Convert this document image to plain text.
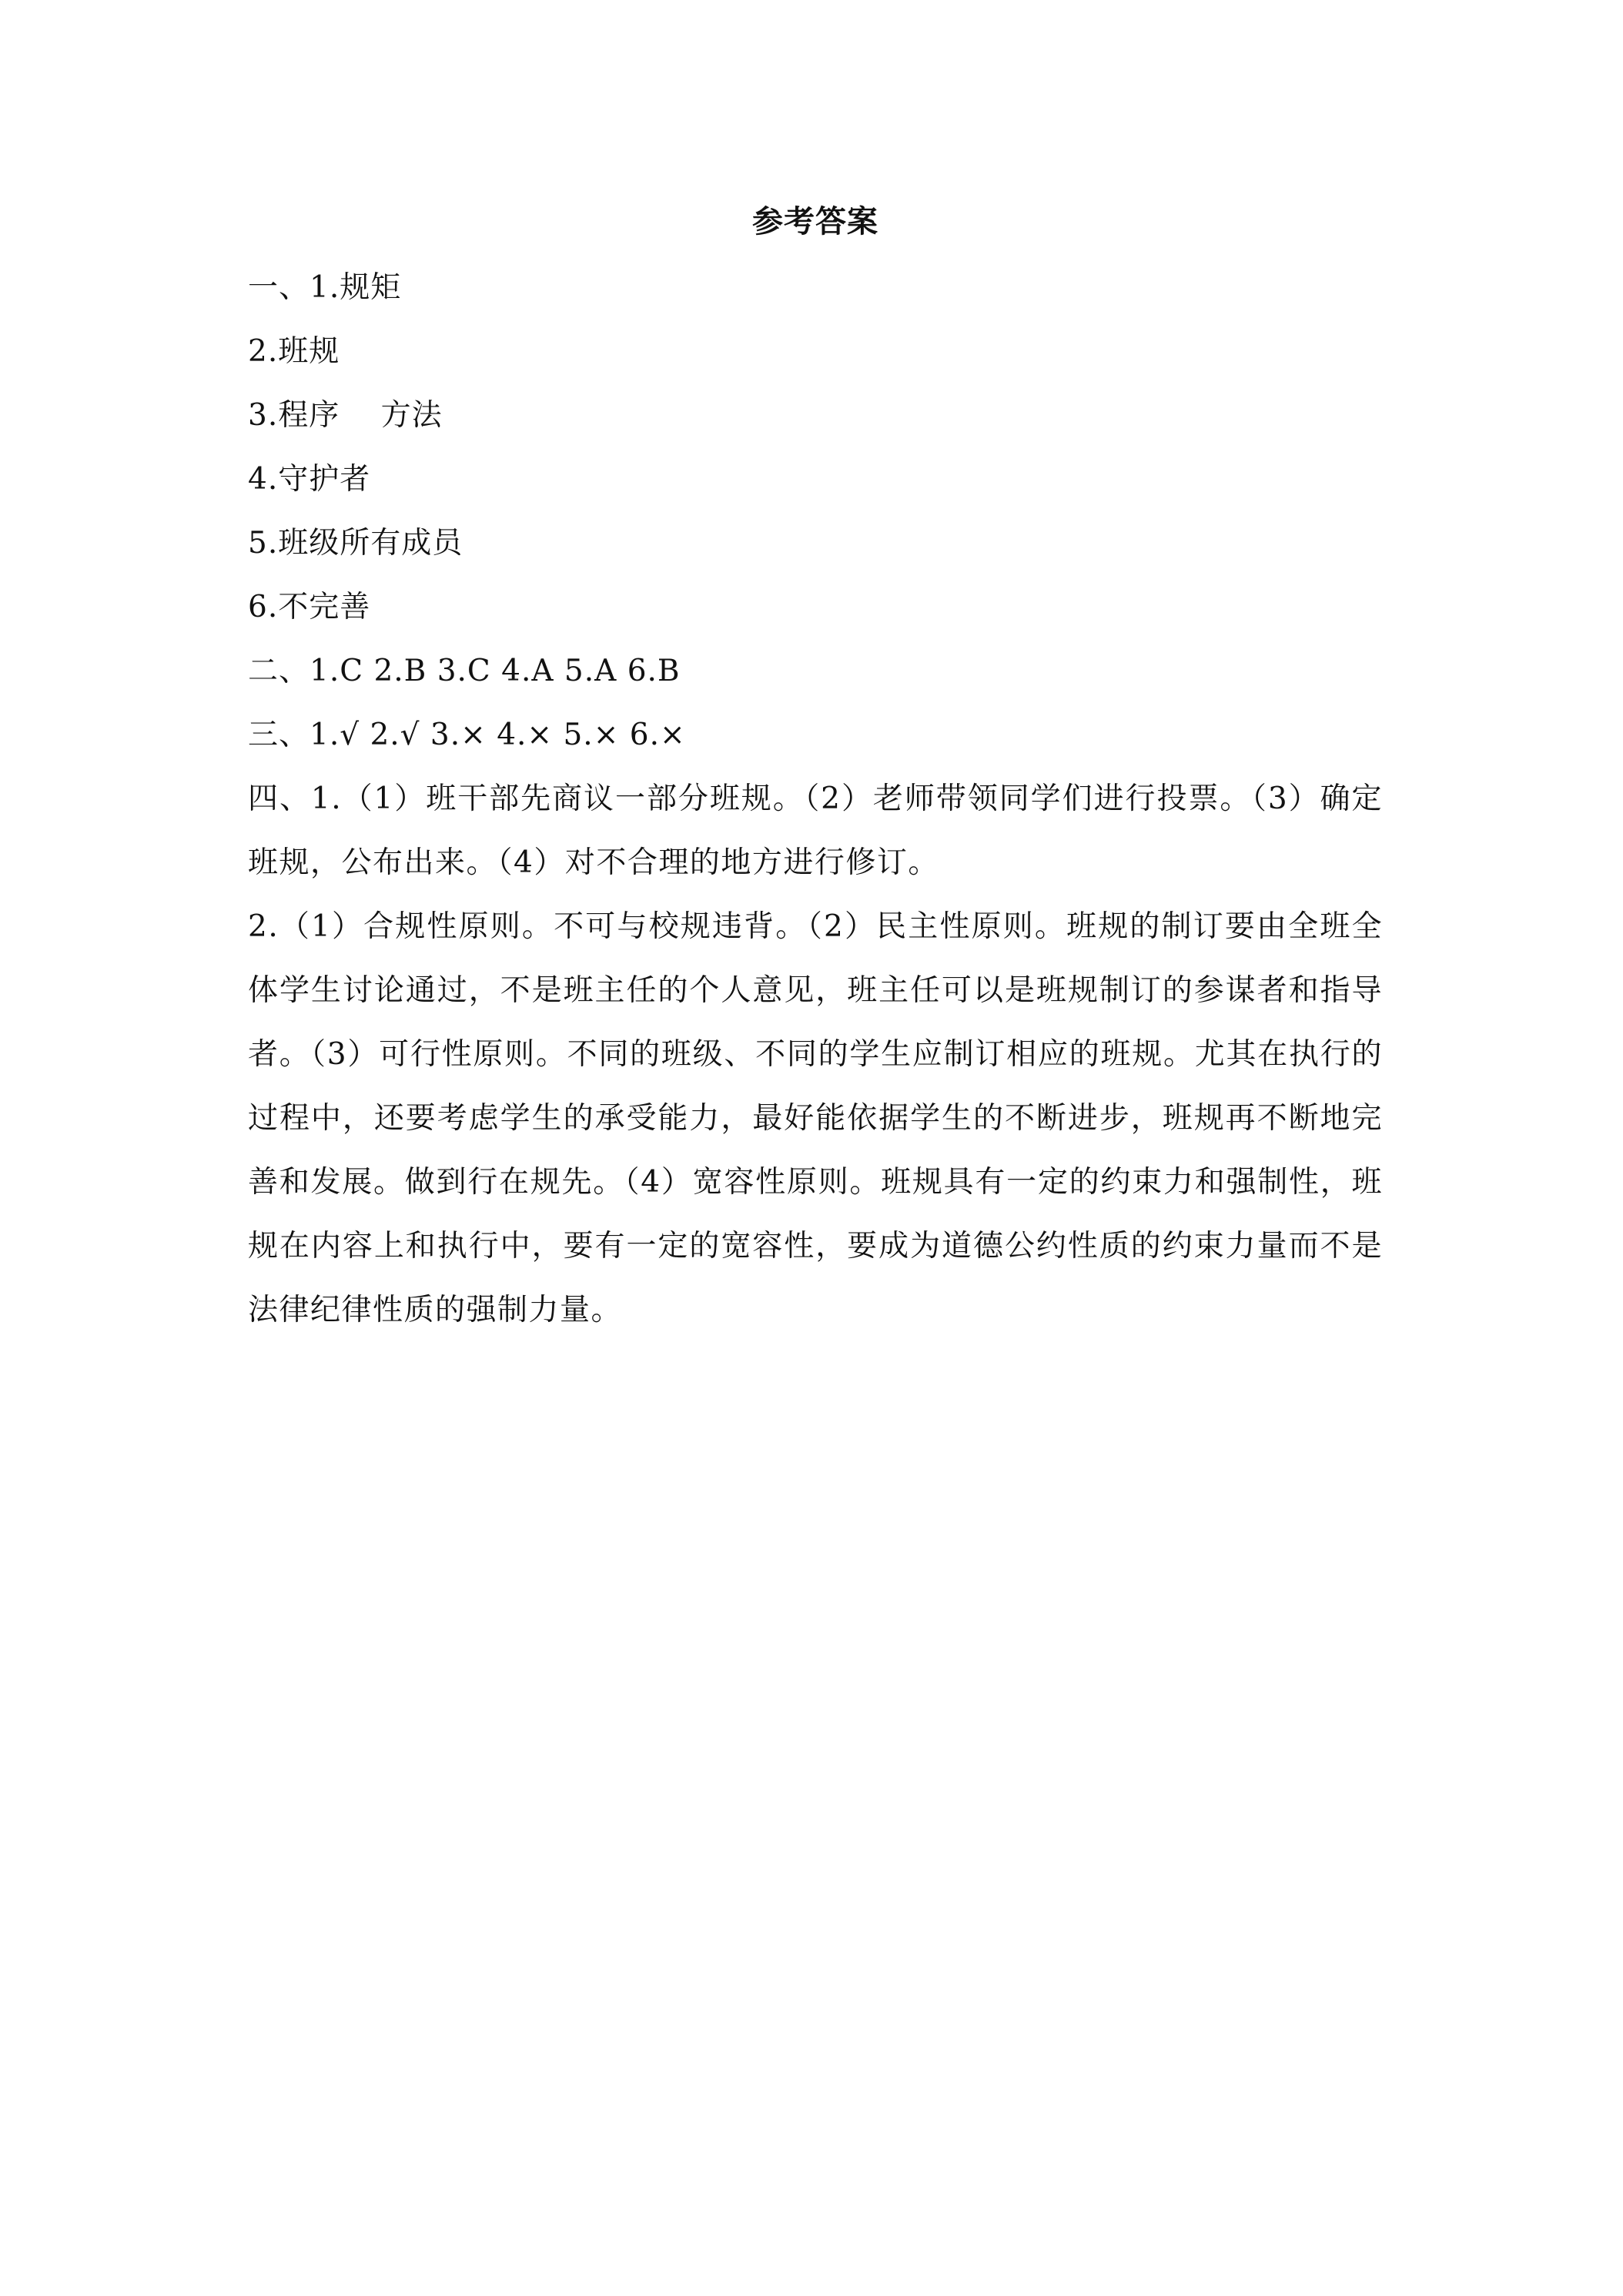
参考答案

一、1.规矩

2.班规

3.程序　 方法

4.守护者

5.班级所有成员

6.不完善

二、1.C 2.B 3.C 4.A 5.A 6.B

三、1.√ 2.√ 3.× 4.× 5.× 6.×

四、1.（1）班干部先商议一部分班规。（2）老师带领同学们进行投票。（3）确定班规，公布出来。（4）对不合理的地方进行修订。

2.（1）合规性原则。不可与校规违背。（2）民主性原则。班规的制订要由全班全体学生讨论通过，不是班主任的个人意见，班主任可以是班规制订的参谋者和指导者。（3）可行性原则。不同的班级、不同的学生应制订相应的班规。尤其在执行的过程中，还要考虑学生的承受能力，最好能依据学生的不断进步，班规再不断地完善和发展。做到行在规先。（4）宽容性原则。班规具有一定的约束力和强制性，班规在内容上和执行中，要有一定的宽容性，要成为道德公约性质的约束力量而不是法律纪律性质的强制力量。
